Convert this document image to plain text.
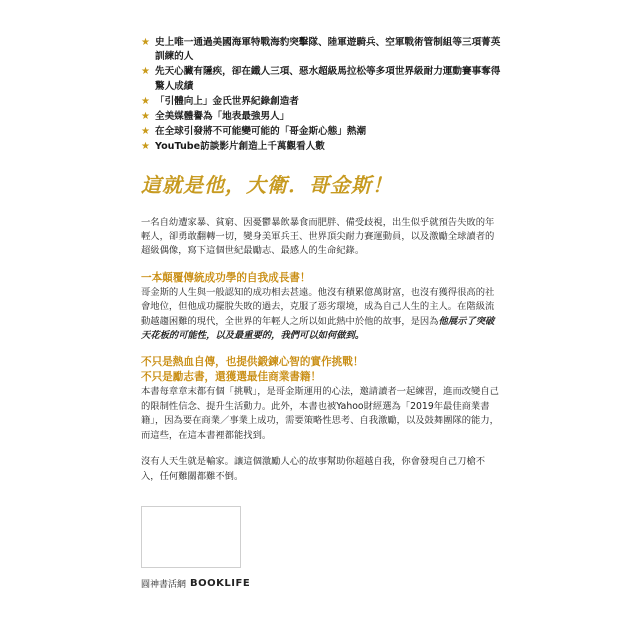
★ 史上唯一通過美國海軍特戰海豹突擊隊、陸軍遊騎兵、空軍戰術管制組等三項菁英訓練的人
★ 先天心臟有隱疾，卻在鐵人三項、惡水超級馬拉松等多項世界級耐力運動賽事奪得驚人成績
★ 「引體向上」金氏世界紀錄創造者
★ 全美媒體譽為「地表最強男人」
★ 在全球引發將不可能變可能的「哥金斯心態」熱潮
★ YouTube訪談影片創造上千萬觀看人數
這就是他，大衛．哥金斯！

一名自幼遭家暴、貧窮、因憂鬱暴飲暴食而肥胖、備受歧視，出生似乎就預告失敗的年輕人，卻勇敢翻轉一切，變身美軍兵王、世界頂尖耐力賽運動員，以及激勵全球讀者的超級偶像，寫下這個世紀最勵志、最感人的生命紀錄。

一本顛覆傳統成功學的自我成長書！

哥金斯的人生與一般認知的成功相去甚遠。他沒有積累億萬財富，也沒有獲得很高的社會地位，但他成功擺脫失敗的過去，克服了惡劣環境，成為自己人生的主人。在階級流動越趨困難的現代，全世界的年輕人之所以如此熱中於他的故事，是因為他展示了突破天花板的可能性，以及最重要的，我們可以如何做到。

不只是熱血自傳，也提供鍛鍊心智的實作挑戰！
不只是勵志書，還獲選最佳商業書籍！

本書每章章末都有個「挑戰」，是哥金斯運用的心法，邀請讀者一起練習，進而改變自己的限制性信念、提升生活動力。此外，本書也被Yahoo財經選為「2019年最佳商業書籍」，因為要在商業／事業上成功，需要策略性思考、自我激勵，以及鼓舞團隊的能力，而這些，在這本書裡都能找到。

沒有人天生就是輸家。讓這個激勵人心的故事幫助你超越自我，你會發現自己刀槍不入，任何難關都難不倒。

圓神書活網 BOOKLIFE
